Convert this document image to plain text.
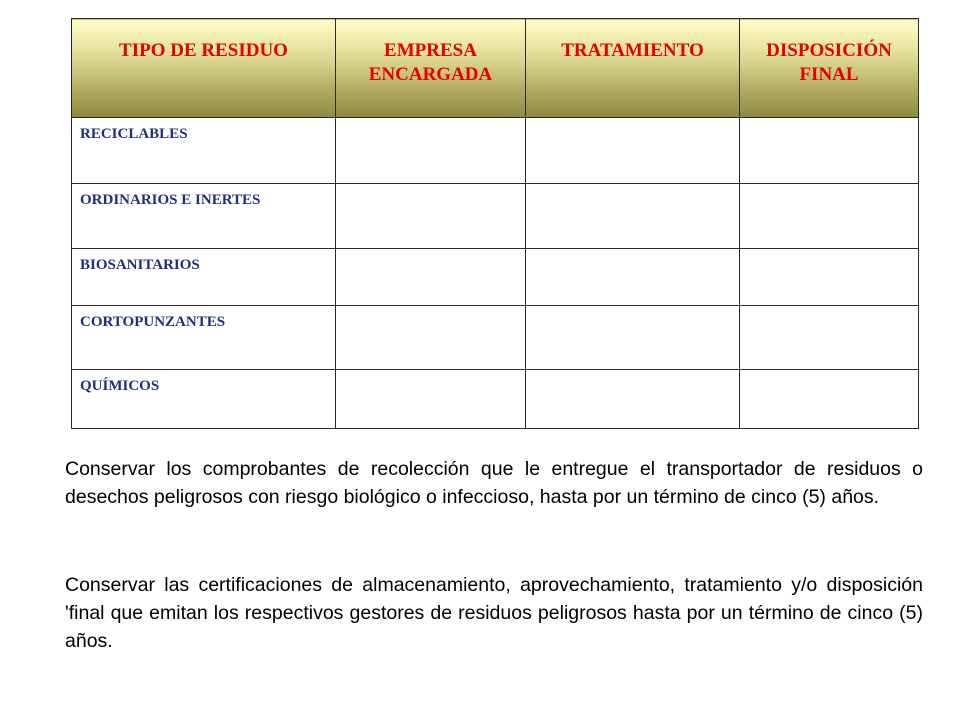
TIPO DE RESIDUO	EMPRESA ENCARGADA	TRATAMIENTO	DISPOSICIÓN FINAL
RECICLABLES			
ORDINARIOS E INERTES			
BIOSANITARIOS			
CORTOPUNZANTES			
QUÍMICOS			

Conservar los comprobantes de recolección que le entregue el transportador de residuos o desechos peligrosos con riesgo biológico o infeccioso, hasta por un término de cinco (5) años.

Conservar las certificaciones de almacenamiento, aprovechamiento, tratamiento y/o disposición 'final que emitan los respectivos gestores de residuos peligrosos hasta por un término de cinco (5) años.
